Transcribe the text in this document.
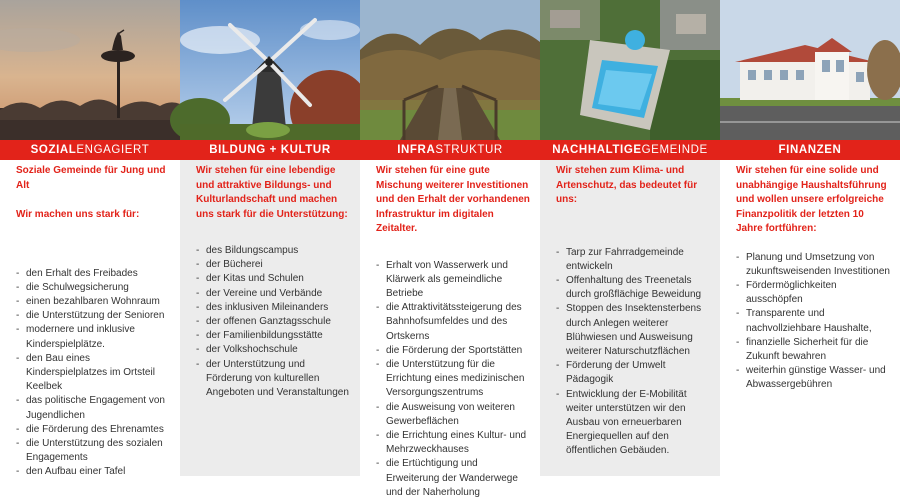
SOZIALENGAGIERT

Soziale Gemeinde für Jung und Alt

Wir machen uns stark für:

- den Erhalt des Freibades
- die Schulwegsicherung
- einen bezahlbaren Wohnraum
- die Unterstützung der Senioren
- modernere und inklusive Kinderspielplätze.
- den Bau eines Kinderspielplatzes im Ortsteil Keelbek
- das politische Engagement von Jugendlichen
- die Förderung des Ehrenamtes
- die Unterstützung des sozialen Engagements
- den Aufbau einer Tafel
BILDUNG + KULTUR

Wir stehen für eine lebendige und attraktive Bildungs- und Kulturlandschaft und machen uns stark für die Unterstützung:

- des Bildungscampus
- der Bücherei
- der Kitas und Schulen
- der Vereine und Verbände
- des inklusiven Mileinanders
- der offenen Ganztagsschule
- der Familienbildungsstätte
- der Volkshochschule
- der Unterstützung und Förderung von kulturellen Angeboten und Veranstaltungen
INFRASTRUKTUR

Wir stehen für eine gute Mischung weiterer Investitionen und den Erhalt der vorhandenen Infrastruktur im digitalen Zeitalter.

- Erhalt von Wasserwerk und Klärwerk als gemeindliche Betriebe
- die Attraktivitätssteigerung des Bahnhofsumfeldes und des Ortskerns
- die Förderung der Sportstätten
- die Unterstützung für die Errichtung eines medizinischen Versorgungszentrums
- die Ausweisung von weiteren Gewerbeflächen
- die Errichtung eines Kultur- und Mehrzweckhauses
- die Ertüchtigung und Erweiterung der Wanderwege und der Naherholung
NACHHALTIGEGEMEINDE

Wir stehen zum Klima- und Artenschutz, das bedeutet für uns:

- Tarp zur Fahrradgemeinde entwickeln
- Offenhaltung des Treenetals durch großflächige Beweidung
- Stoppen des Insektensterbens durch Anlegen weiterer Blühwiesen und Ausweisung weiterer Naturschutzflächen
- Förderung der Umwelt Pädagogik
- Entwicklung der E-Mobilität weiter unterstützen wir den Ausbau von erneuerbaren Energiequellen auf den öffentlichen Gebäuden.
FINANZEN

Wir stehen für eine solide und unabhängige Haushaltsführung und wollen unsere erfolgreiche Finanzpolitik der letzten 10 Jahre fortführen:

- Planung und Umsetzung von zukunftsweisenden Investitionen
- Fördermöglichkeiten ausschöpfen
- Transparente und nachvollziehbare Haushalte,
- finanzielle Sicherheit für die Zukunft bewahren
- weiterhin günstige Wasser- und Abwassergebühren
